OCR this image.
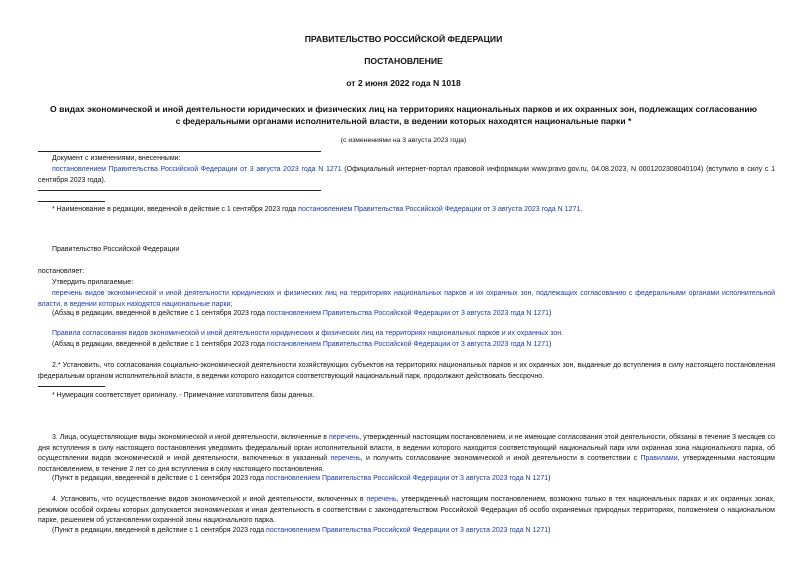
ПРАВИТЕЛЬСТВО РОССИЙСКОЙ ФЕДЕРАЦИИ
ПОСТАНОВЛЕНИЕ
от 2 июня 2022 года N 1018

О видах экономической и иной деятельности юридических и физических лиц на территориях национальных парков и их охранных зон, подлежащих согласованию

с федеральными органами исполнительной власти, в ведении которых находятся национальные парки *

(с изменениями на 3 августа 2023 года)
Документ с изменениями, внесенными:
постановлением Правительства Российской Федерации от 3 августа 2023 года N 1271 (Официальный интернет-портал правовой информации www.pravo.gov.ru, 04.08.2023, N 0001202308040104) (вступило в силу с 1 сентября 2023 года).
* Наименование в редакции, введенной в действие с 1 сентября 2023 года постановлением Правительства Российской Федерации от 3 августа 2023 года N 1271.
Правительство Российской Федерации
постановляет:
Утвердить прилагаемые:
перечень видов экономической и иной деятельности юридических и физических лиц на территориях национальных парков и их охранных зон, подлежащих согласованию с федеральными органами исполнительной власти, в ведении которых находятся национальные парки;
(Абзац в редакции, введенной в действие с 1 сентября 2023 года постановлением Правительства Российской Федерации от 3 августа 2023 года N 1271)
Правила согласования видов экономической и иной деятельности юридических и физических лиц на территориях национальных парков и их охранных зон.
(Абзац в редакции, введенной в действие с 1 сентября 2023 года постановлением Правительства Российской Федерации от 3 августа 2023 года N 1271)
2.* Установить, что согласования социально-экономической деятельности хозяйствующих субъектов на территориях национальных парков и их охранных зон, выданные до вступления в силу настоящего постановления федеральным органом исполнительной власти, в ведении которого находится соответствующий национальный парк, продолжают действовать бессрочно.
* Нумерация соответствует оригиналу. - Примечание изготовителя базы данных.
3. Лица, осуществляющие виды экономической и иной деятельности, включенные в перечень, утвержденный настоящим постановлением, и не имеющие согласования этой деятельности, обязаны в течение 3 месяцев со дня вступления в силу настоящего постановления уведомить федеральный орган исполнительной власти, в ведении которого находится соответствующий национальный парк или охранная зона национального парка, об осуществлении видов экономической и иной деятельности, включенных в указанный перечень, и получить согласование экономической и иной деятельности в соответствии с Правилами, утвержденными настоящим постановлением, в течение 2 лет со дня вступления в силу настоящего постановления.
(Пункт в редакции, введенной в действие с 1 сентября 2023 года постановлением Правительства Российской Федерации от 3 августа 2023 года N 1271)
4. Установить, что осуществление видов экономической и иной деятельности, включенных в перечень, утвержденный настоящим постановлением, возможно только в тех национальных парках и их охранных зонах, режимом особой охраны которых допускается экономическая и иная деятельность в соответствии с законодательством Российской Федерации об особо охраняемых природных территориях, положением о национальном парке, решением об установлении охранной зоны национального парка.
(Пункт в редакции, введенной в действие с 1 сентября 2023 года постановлением Правительства Российской Федерации от 3 августа 2023 года N 1271)
